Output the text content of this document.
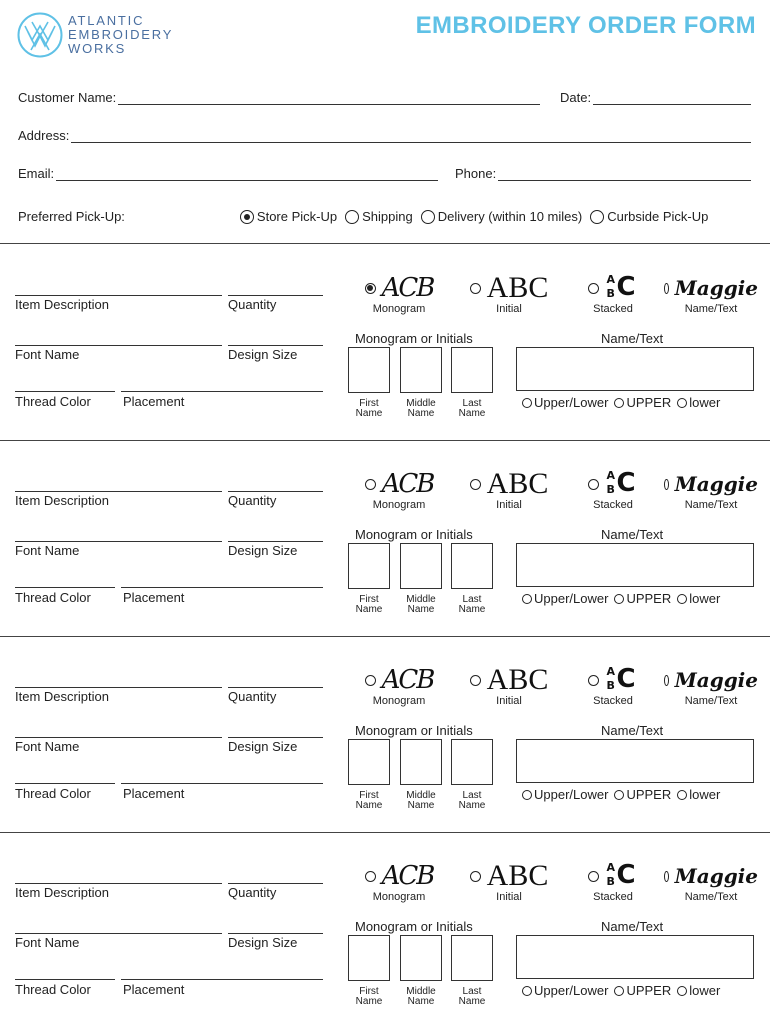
ATLANTIC
EMBROIDERY
WORKS
EMBROIDERY ORDER FORM
Customer Name:	Date:
Address:
Email:	Phone:
Preferred Pick-Up:	Store Pick-Up Shipping Delivery (within 10 miles) Curbside Pick-Up
Item Description	Quantity
Font Name	Design Size
Thread Color Placement
ACB
Monogram
ABC
Initial
A
B C
Stacked
Maggie
Name/Text
Monogram or Initials	Name/Text
First
Name
Middle
Name
Last
Name
Upper/Lower UPPER lower
Item Description	Quantity
Font Name	Design Size
Thread Color Placement
ACB
Monogram
ABC
Initial
A
B C
Stacked
Maggie
Name/Text
Monogram or Initials	Name/Text
First
Name
Middle
Name
Last
Name
Upper/Lower UPPER lower
Item Description	Quantity
Font Name	Design Size
Thread Color Placement
ACB
Monogram
ABC
Initial
A
B C
Stacked
Maggie
Name/Text
Monogram or Initials	Name/Text
First
Name
Middle
Name
Last
Name
Upper/Lower UPPER lower
Item Description	Quantity
Font Name	Design Size
Thread Color Placement
ACB
Monogram
ABC
Initial
A
B C
Stacked
Maggie
Name/Text
Monogram or Initials	Name/Text
First
Name
Middle
Name
Last
Name
Upper/Lower UPPER lower
